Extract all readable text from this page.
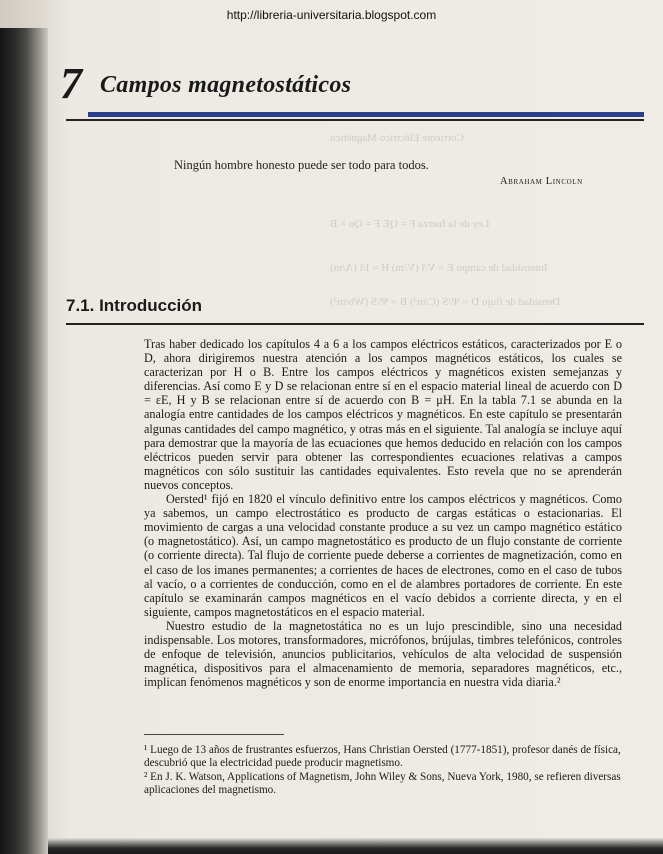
Corriente Eléctrico Magnético
Ley de la fuerza F = QE F = Qu × B
Intensidad de campo E = V/l (V/m) H = I/l (A/m)
Densidad de flujo D = Ψ/S (C/m²) B = Ψ/S (Wb/m²)
http://libreria-universitaria.blogspot.com
7 Campos magnetostáticos
Ningún hombre honesto puede ser todo para todos.
Abraham Lincoln
7.1. Introducción

Tras haber dedicado los capítulos 4 a 6 a los campos eléctricos estáticos, caracterizados por E o D, ahora dirigiremos nuestra atención a los campos magnéticos estáticos, los cuales se caracterizan por H o B. Entre los campos eléctricos y magnéticos existen semejanzas y diferencias. Así como E y D se relacionan entre sí en el espacio material lineal de acuerdo con D = εE, H y B se relacionan entre sí de acuerdo con B = μH. En la tabla 7.1 se abunda en la analogía entre cantidades de los campos eléctricos y magnéticos. En este capítulo se presentarán algunas cantidades del campo magnético, y otras más en el siguiente. Tal analogía se incluye aquí para demostrar que la mayoría de las ecuaciones que hemos deducido en relación con los campos eléctricos pueden servir para obtener las correspondientes ecuaciones relativas a campos magnéticos con sólo sustituir las cantidades equivalentes. Esto revela que no se aprenderán nuevos conceptos.

Oersted¹ fijó en 1820 el vínculo definitivo entre los campos eléctricos y magnéticos. Como ya sabemos, un campo electrostático es producto de cargas estáticas o estacionarias. El movimiento de cargas a una velocidad constante produce a su vez un campo magnético estático (o magnetostático). Así, un campo magnetostático es producto de un flujo constante de corriente (o corriente directa). Tal flujo de corriente puede deberse a corrientes de magnetización, como en el caso de los imanes permanentes; a corrientes de haces de electrones, como en el caso de tubos al vacío, o a corrientes de conducción, como en el de alambres portadores de corriente. En este capítulo se examinarán campos magnéticos en el vacío debidos a corriente directa, y en el siguiente, campos magnetostáticos en el espacio material.

Nuestro estudio de la magnetostática no es un lujo prescindible, sino una necesidad indispensable. Los motores, transformadores, micrófonos, brújulas, timbres telefónicos, controles de enfoque de televisión, anuncios publicitarios, vehículos de alta velocidad de suspensión magnética, dispositivos para el almacenamiento de memoria, separadores magnéticos, etc., implican fenómenos magnéticos y son de enorme importancia en nuestra vida diaria.²

¹ Luego de 13 años de frustrantes esfuerzos, Hans Christian Oersted (1777-1851), profesor danés de física, descubrió que la electricidad puede producir magnetismo.
² En J. K. Watson, Applications of Magnetism, John Wiley & Sons, Nueva York, 1980, se refieren diversas aplicaciones del magnetismo.
